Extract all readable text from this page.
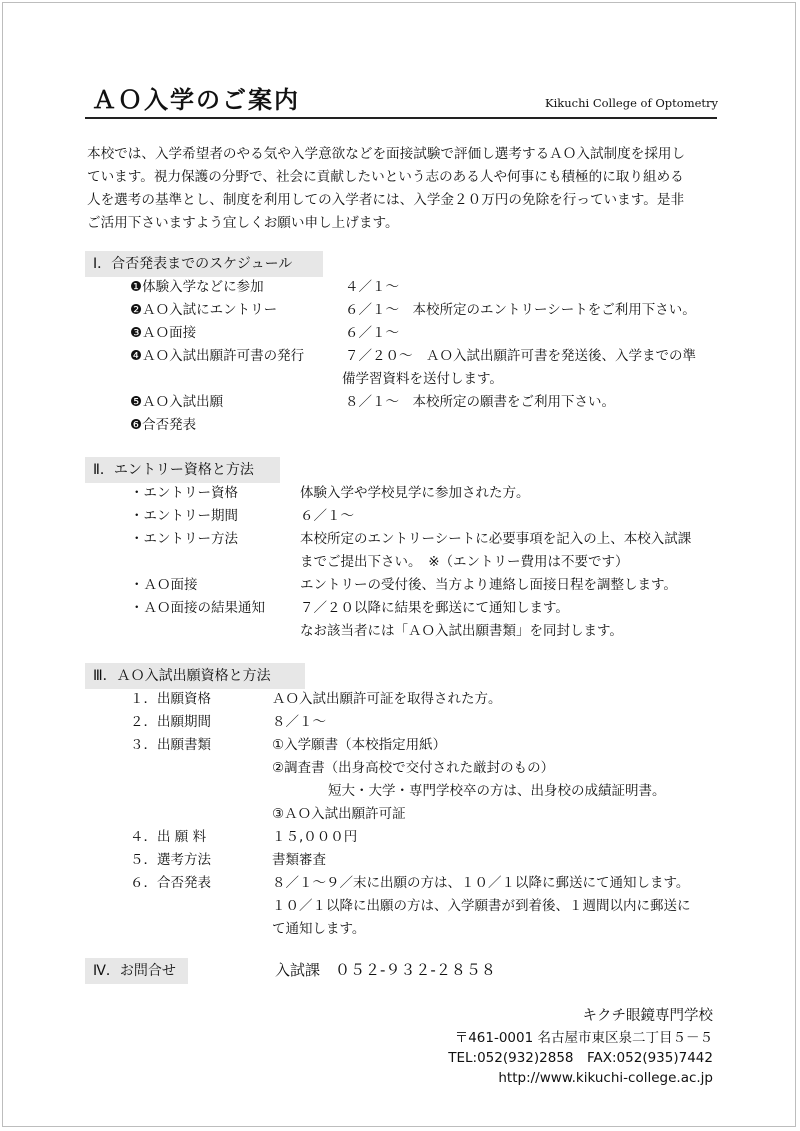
ＡＯ入学のご案内	Kikuchi College of Optometry

本校では、入学希望者のやる気や入学意欲などを面接試験で評価し選考するＡＯ入試制度を採用し

ています。視力保護の分野で、社会に貢献したいという志のある人や何事にも積極的に取り組める

人を選考の基準とし、制度を利用しての入学者には、入学金２０万円の免除を行っています。是非

ご活用下さいますよう宜しくお願い申し上げます。

Ⅰ．合否発表までのスケジュール
❶体験入学などに参加	４／１～
❷ＡＯ入試にエントリー	６／１～　本校所定のエントリーシートをご利用下さい。
❸ＡＯ面接	６／１～
❹ＡＯ入試出願許可書の発行	７／２０～　ＡＯ入試出願許可書を発送後、入学までの準
備学習資料を送付します。
❺ＡＯ入試出願	８／１～　本校所定の願書をご利用下さい。
❻合否発表
Ⅱ．エントリー資格と方法
・エントリー資格	体験入学や学校見学に参加された方。
・エントリー期間	６／１～
・エントリー方法	本校所定のエントリーシートに必要事項を記入の上、本校入試課
までご提出下さい。　※（エントリー費用は不要です）
・ＡＯ面接	エントリーの受付後、当方より連絡し面接日程を調整します。
・ＡＯ面接の結果通知	７／２０以降に結果を郵送にて通知します。
なお該当者には「ＡＯ入試出願書類」を同封します。
Ⅲ．ＡＯ入試出願資格と方法
１．出願資格	ＡＯ入試出願許可証を取得された方。
２．出願期間	８／１～
３．出願書類	①入学願書（本校指定用紙）
②調査書（出身高校で交付された厳封のもの）
短大・大学・専門学校卒の方は、出身校の成績証明書。
③ＡＯ入試出願許可証
４．出 願 料	１５,０００円
５．選考方法	書類審査
６．合否発表	８／１～９／末に出願の方は、１０／１以降に郵送にて通知します。
１０／１以降に出願の方は、入学願書が到着後、１週間以内に郵送に
て通知します。
Ⅳ．お問合せ	入試課　０５２-９３２-２８５８
キクチ眼鏡専門学校
〒461-0001 名古屋市東区泉二丁目５－５
TEL:052(932)2858　FAX:052(935)7442
http://www.kikuchi-college.ac.jp
